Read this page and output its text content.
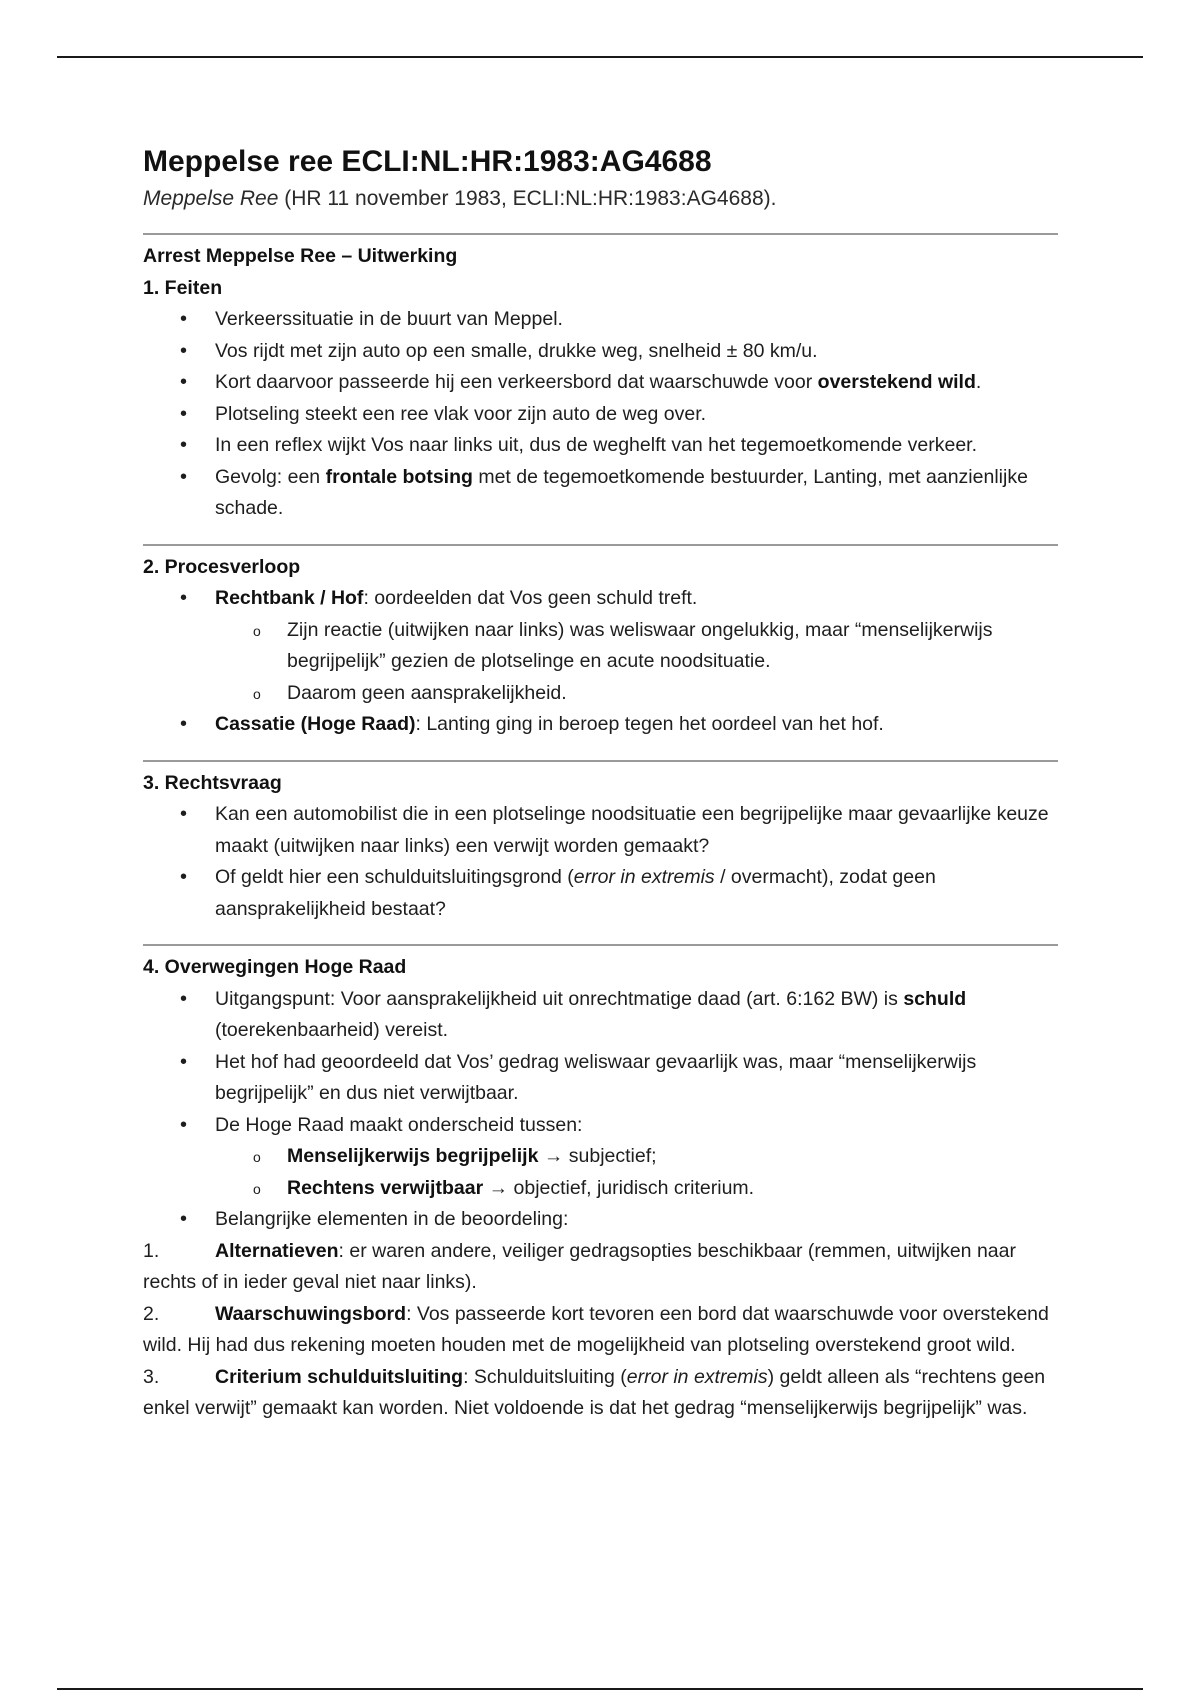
Meppelse ree ECLI:NL:HR:1983:AG4688
Meppelse Ree (HR 11 november 1983, ECLI:NL:HR:1983:AG4688).

Arrest Meppelse Ree – Uitwerking

1. Feiten

• Verkeerssituatie in de buurt van Meppel.
• Vos rijdt met zijn auto op een smalle, drukke weg, snelheid ± 80 km/u.
• Kort daarvoor passeerde hij een verkeersbord dat waarschuwde voor overstekend wild.
• Plotseling steekt een ree vlak voor zijn auto de weg over.
• In een reflex wijkt Vos naar links uit, dus de weghelft van het tegemoetkomende verkeer.
• Gevolg: een frontale botsing met de tegemoetkomende bestuurder, Lanting, met aanzienlijke schade.

2. Procesverloop

• Rechtbank / Hof: oordeelden dat Vos geen schuld treft.
o Zijn reactie (uitwijken naar links) was weliswaar ongelukkig, maar “menselijkerwijs begrijpelijk” gezien de plotselinge en acute noodsituatie.
o Daarom geen aansprakelijkheid.
• Cassatie (Hoge Raad): Lanting ging in beroep tegen het oordeel van het hof.

3. Rechtsvraag

• Kan een automobilist die in een plotselinge noodsituatie een begrijpelijke maar gevaarlijke keuze maakt (uitwijken naar links) een verwijt worden gemaakt?
• Of geldt hier een schulduitsluitingsgrond (error in extremis / overmacht), zodat geen aansprakelijkheid bestaat?

4. Overwegingen Hoge Raad

• Uitgangspunt: Voor aansprakelijkheid uit onrechtmatige daad (art. 6:162 BW) is schuld (toerekenbaarheid) vereist.
• Het hof had geoordeeld dat Vos’ gedrag weliswaar gevaarlijk was, maar “menselijkerwijs begrijpelijk” en dus niet verwijtbaar.
• De Hoge Raad maakt onderscheid tussen:
o Menselijkerwijs begrijpelijk → subjectief;
o Rechtens verwijtbaar → objectief, juridisch criterium.
• Belangrijke elementen in de beoordeling:

1.	Alternatieven: er waren andere, veiliger gedragsopties beschikbaar (remmen, uitwijken naar rechts of in ieder geval niet naar links).

2.	Waarschuwingsbord: Vos passeerde kort tevoren een bord dat waarschuwde voor overstekend wild. Hij had dus rekening moeten houden met de mogelijkheid van plotseling overstekend groot wild.

3.	Criterium schulduitsluiting: Schulduitsluiting (error in extremis) geldt alleen als “rechtens geen enkel verwijt” gemaakt kan worden. Niet voldoende is dat het gedrag “menselijkerwijs begrijpelijk” was.
